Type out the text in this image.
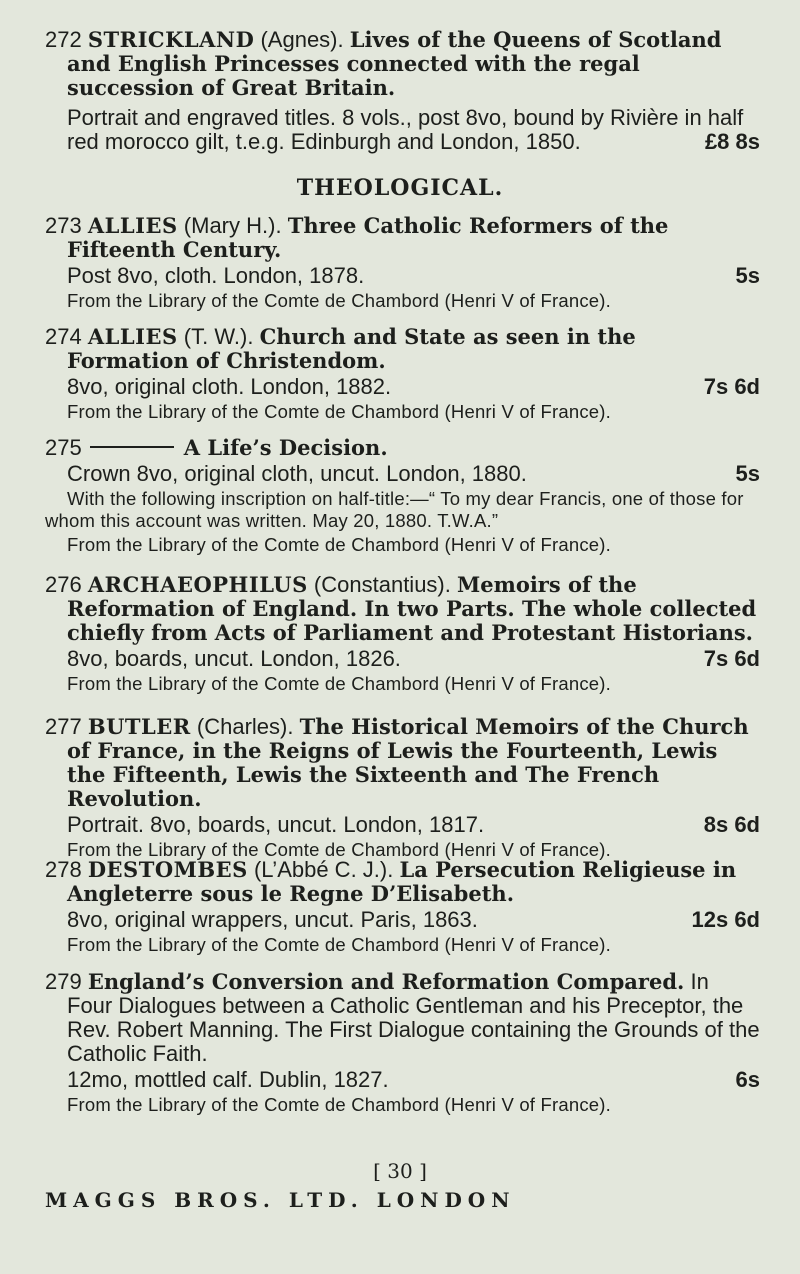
272 STRICKLAND (Agnes). Lives of the Queens of Scotland and English Princesses connected with the regal succession of Great Britain.

Portrait and engraved titles. 8 vols., post 8vo, bound by Rivière in half red morocco gilt, t.e.g. Edinburgh and London, 1850.	£8 8s

THEOLOGICAL.

273 ALLIES (Mary H.). Three Catholic Reformers of the Fifteenth Century.

Post 8vo, cloth. London, 1878.	5s

From the Library of the Comte de Chambord (Henri V of France).

274 ALLIES (T. W.). Church and State as seen in the Formation of Christendom.

8vo, original cloth. London, 1882.	7s 6d

From the Library of the Comte de Chambord (Henri V of France).

275	A Life’s Decision.

Crown 8vo, original cloth, uncut. London, 1880.	5s

With the following inscription on half-title:—“ To my dear Francis, one of those for whom this account was written. May 20, 1880. T.W.A.”

From the Library of the Comte de Chambord (Henri V of France).

276 ARCHAEOPHILUS (Constantius). Memoirs of the Reformation of England. In two Parts. The whole collected chiefly from Acts of Parliament and Protestant Historians.

8vo, boards, uncut. London, 1826.	7s 6d

From the Library of the Comte de Chambord (Henri V of France).

277 BUTLER (Charles). The Historical Memoirs of the Church of France, in the Reigns of Lewis the Fourteenth, Lewis the Fifteenth, Lewis the Sixteenth and The French Revolution.

Portrait. 8vo, boards, uncut. London, 1817.	8s 6d

From the Library of the Comte de Chambord (Henri V of France).

278 DESTOMBES (L’Abbé C. J.). La Persecution Religieuse in Angleterre sous le Regne D’Elisabeth.

8vo, original wrappers, uncut. Paris, 1863.	12s 6d

From the Library of the Comte de Chambord (Henri V of France).

279 England’s Conversion and Reformation Compared. In Four Dialogues between a Catholic Gentleman and his Preceptor, the Rev. Robert Manning. The First Dialogue containing the Grounds of the Catholic Faith.

12mo, mottled calf. Dublin, 1827.	6s

From the Library of the Comte de Chambord (Henri V of France).

[ 30 ]
MAGGS BROS. LTD. LONDON
